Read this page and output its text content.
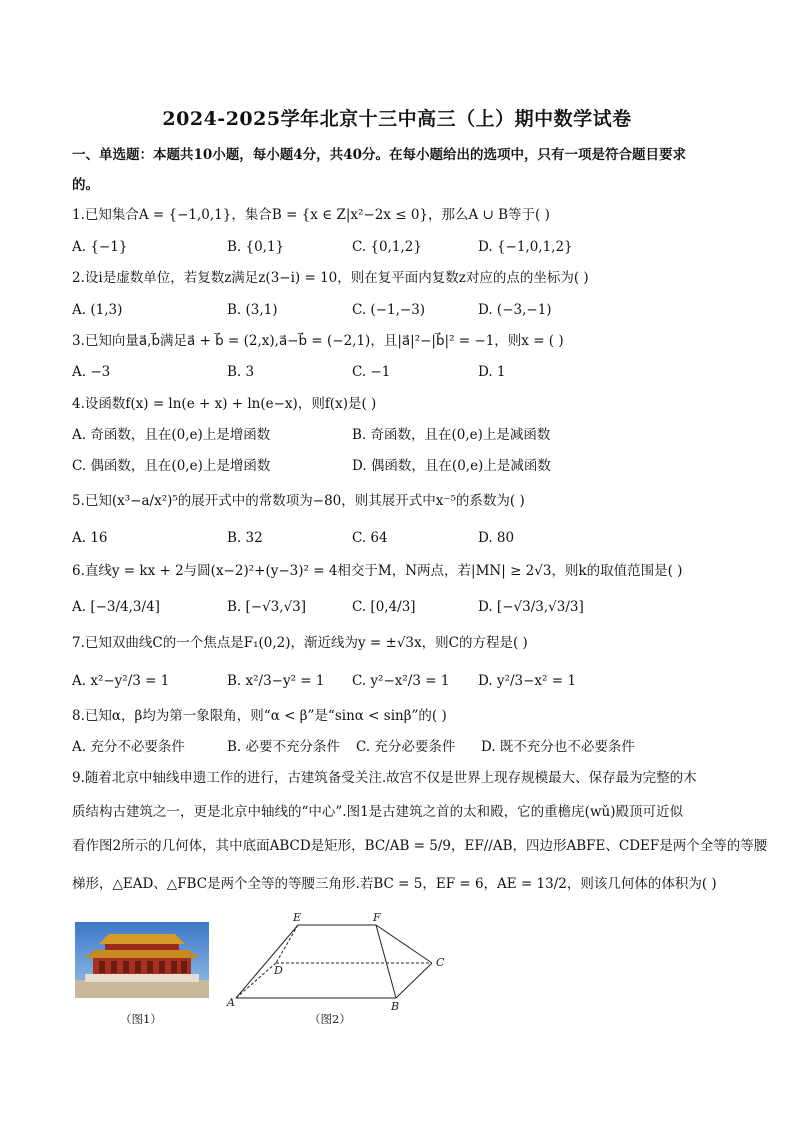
2024-2025学年北京十三中高三（上）期中数学试卷
一、单选题：本题共10小题，每小题4分，共40分。在每小题给出的选项中，只有一项是符合题目要求
的。
1.已知集合A = {−1,0,1}，集合B = {x ∈ Z|x²−2x ≤ 0}，那么A ∪ B等于( )
A. {−1}	B. {0,1}	C. {0,1,2}	D. {−1,0,1,2}
2.设i是虚数单位，若复数z满足z(3−i) = 10，则在复平面内复数z对应的点的坐标为( )
A. (1,3)	B. (3,1)	C. (−1,−3)	D. (−3,−1)
3.已知向量a⃗,b⃗满足a⃗ + b⃗ = (2,x),a⃗−b⃗ = (−2,1)，且|a⃗|²−|b⃗|² = −1，则x = ( )
A. −3	B. 3	C. −1	D. 1
4.设函数f(x) = ln(e + x) + ln(e−x)，则f(x)是( )
A. 奇函数，且在(0,e)上是增函数	B. 奇函数，且在(0,e)上是减函数
C. 偶函数，且在(0,e)上是增函数	D. 偶函数，且在(0,e)上是减函数
5.已知(x³−a/x²)⁵的展开式中的常数项为−80，则其展开式中x⁻⁵的系数为( )
A. 16	B. 32	C. 64	D. 80
6.直线y = kx + 2与圆(x−2)²+(y−3)² = 4相交于M，N两点，若|MN| ≥ 2√3，则k的取值范围是( )
A. [−3/4,3/4]	B. [−√3,√3]	C. [0,4/3]	D. [−√3/3,√3/3]
7.已知双曲线C的一个焦点是F₁(0,2)，渐近线为y = ±√3x，则C的方程是( )
A. x²−y²/3 = 1	B. x²/3−y² = 1 C. y²−x²/3 = 1 D. y²/3−x² = 1
8.已知α，β均为第一象限角，则“α < β”是“sinα < sinβ”的( )
A. 充分不必要条件	B. 必要不充分条件 C. 充分必要条件 D. 既不充分也不必要条件
9.随着北京中轴线申遗工作的进行，古建筑备受关注.故宫不仅是世界上现存规模最大、保存最为完整的木
质结构古建筑之一，更是北京中轴线的“中心”.图1是古建筑之首的太和殿，它的重檐庑(wǔ)殿顶可近似
看作图2所示的几何体，其中底面ABCD是矩形，BC/AB = 5/9，EF//AB，四边形ABFE、CDEF是两个全等的等腰
梯形，△EAD、△FBC是两个全等的等腰三角形.若BC = 5，EF = 6，AE = 13/2，则该几何体的体积为( )
（图1）
E	F
D
C
A	B
（图2）
